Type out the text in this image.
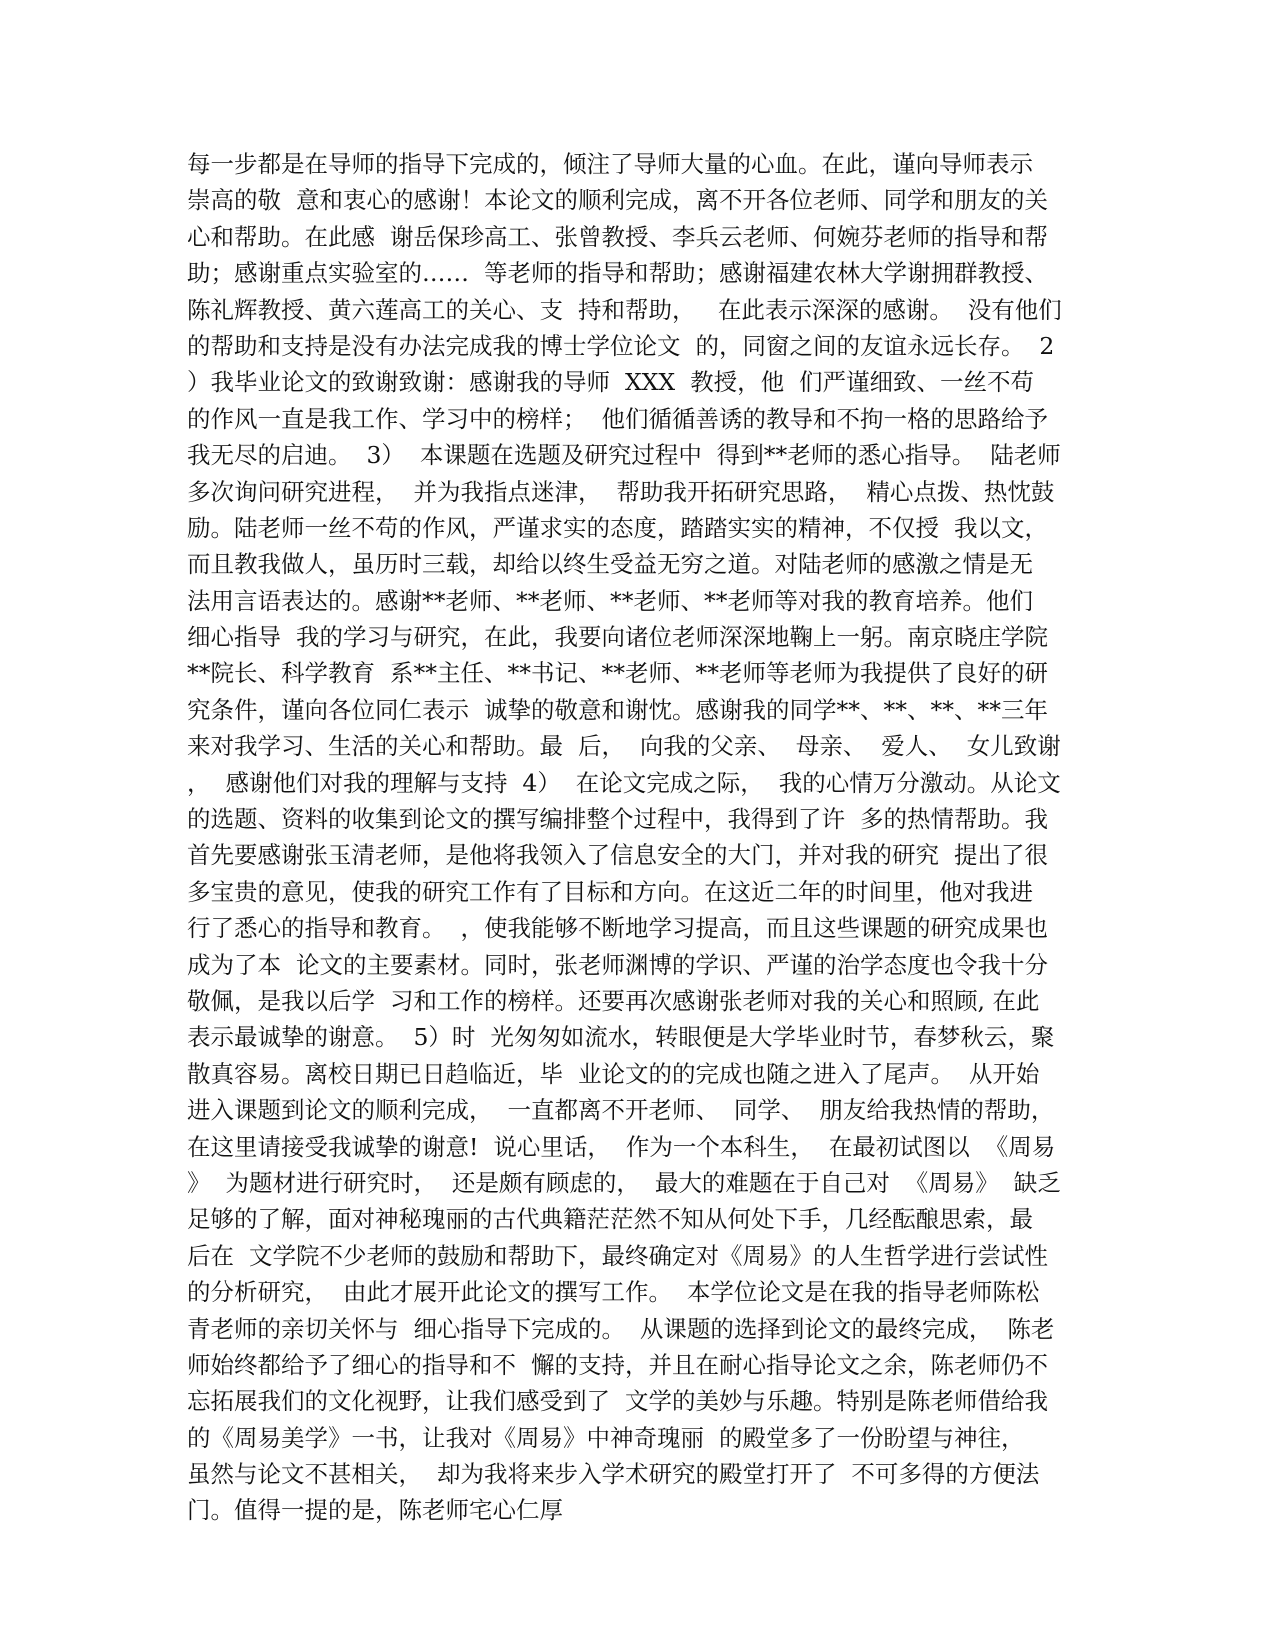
每一步都是在导师的指导下完成的，倾注了导师大量的心血。在此，谨向导师表示
崇高的敬  意和衷心的感谢！本论文的顺利完成，离不开各位老师、同学和朋友的关
心和帮助。在此感  谢岳保珍高工、张曾教授、李兵云老师、何婉芬老师的指导和帮
助；感谢重点实验室的……  等老师的指导和帮助；感谢福建农林大学谢拥群教授、
陈礼辉教授、黄六莲高工的关心、支  持和帮助，   在此表示深深的感谢。  没有他们
的帮助和支持是没有办法完成我的博士学位论文  的，同窗之间的友谊永远长存。  2
）我毕业论文的致谢致谢：感谢我的导师  XXX  教授，他  们严谨细致、一丝不苟
的作风一直是我工作、学习中的榜样；  他们循循善诱的教导和不拘一格的思路给予
我无尽的启迪。  3）  本课题在选题及研究过程中  得到**老师的悉心指导。  陆老师
多次询问研究进程，  并为我指点迷津，  帮助我开拓研究思路，  精心点拨、热忱鼓
励。陆老师一丝不苟的作风，严谨求实的态度，踏踏实实的精神，不仅授  我以文，
而且教我做人，虽历时三载，却给以终生受益无穷之道。对陆老师的感激之情是无
法用言语表达的。感谢**老师、**老师、**老师、**老师等对我的教育培养。他们
细心指导  我的学习与研究，在此，我要向诸位老师深深地鞠上一躬。南京晓庄学院
**院长、科学教育  系**主任、**书记、**老师、**老师等老师为我提供了良好的研
究条件，谨向各位同仁表示  诚挚的敬意和谢忱。感谢我的同学**、**、**、**三年
来对我学习、生活的关心和帮助。最  后，  向我的父亲、  母亲、  爱人、  女儿致谢
，  感谢他们对我的理解与支持  4）  在论文完成之际，  我的心情万分激动。从论文
的选题、资料的收集到论文的撰写编排整个过程中，我得到了许  多的热情帮助。我
首先要感谢张玉清老师，是他将我领入了信息安全的大门，并对我的研究  提出了很
多宝贵的意见，使我的研究工作有了目标和方向。在这近二年的时间里，他对我进
行了悉心的指导和教育。  ，使我能够不断地学习提高，而且这些课题的研究成果也
成为了本  论文的主要素材。同时，张老师渊博的学识、严谨的治学态度也令我十分
敬佩，是我以后学  习和工作的榜样。还要再次感谢张老师对我的关心和照顾, 在此
表示最诚挚的谢意。  5）时  光匆匆如流水，转眼便是大学毕业时节，春梦秋云，聚
散真容易。离校日期已日趋临近，毕  业论文的的完成也随之进入了尾声。  从开始
进入课题到论文的顺利完成，  一直都离不开老师、  同学、  朋友给我热情的帮助，
在这里请接受我诚挚的谢意!  说心里话，  作为一个本科生，  在最初试图以  《周易
》  为题材进行研究时，  还是颇有顾虑的，  最大的难题在于自己对  《周易》  缺乏
足够的了解，面对神秘瑰丽的古代典籍茫茫然不知从何处下手，几经酝酿思索，最
后在  文学院不少老师的鼓励和帮助下，最终确定对《周易》的人生哲学进行尝试性
的分析研究，  由此才展开此论文的撰写工作。  本学位论文是在我的指导老师陈松
青老师的亲切关怀与  细心指导下完成的。  从课题的选择到论文的最终完成，  陈老
师始终都给予了细心的指导和不  懈的支持，并且在耐心指导论文之余，陈老师仍不
忘拓展我们的文化视野，让我们感受到了  文学的美妙与乐趣。特别是陈老师借给我
的《周易美学》一书，让我对《周易》中神奇瑰丽  的殿堂多了一份盼望与神往，
虽然与论文不甚相关，  却为我将来步入学术研究的殿堂打开了  不可多得的方便法
门。值得一提的是，陈老师宅心仁厚
